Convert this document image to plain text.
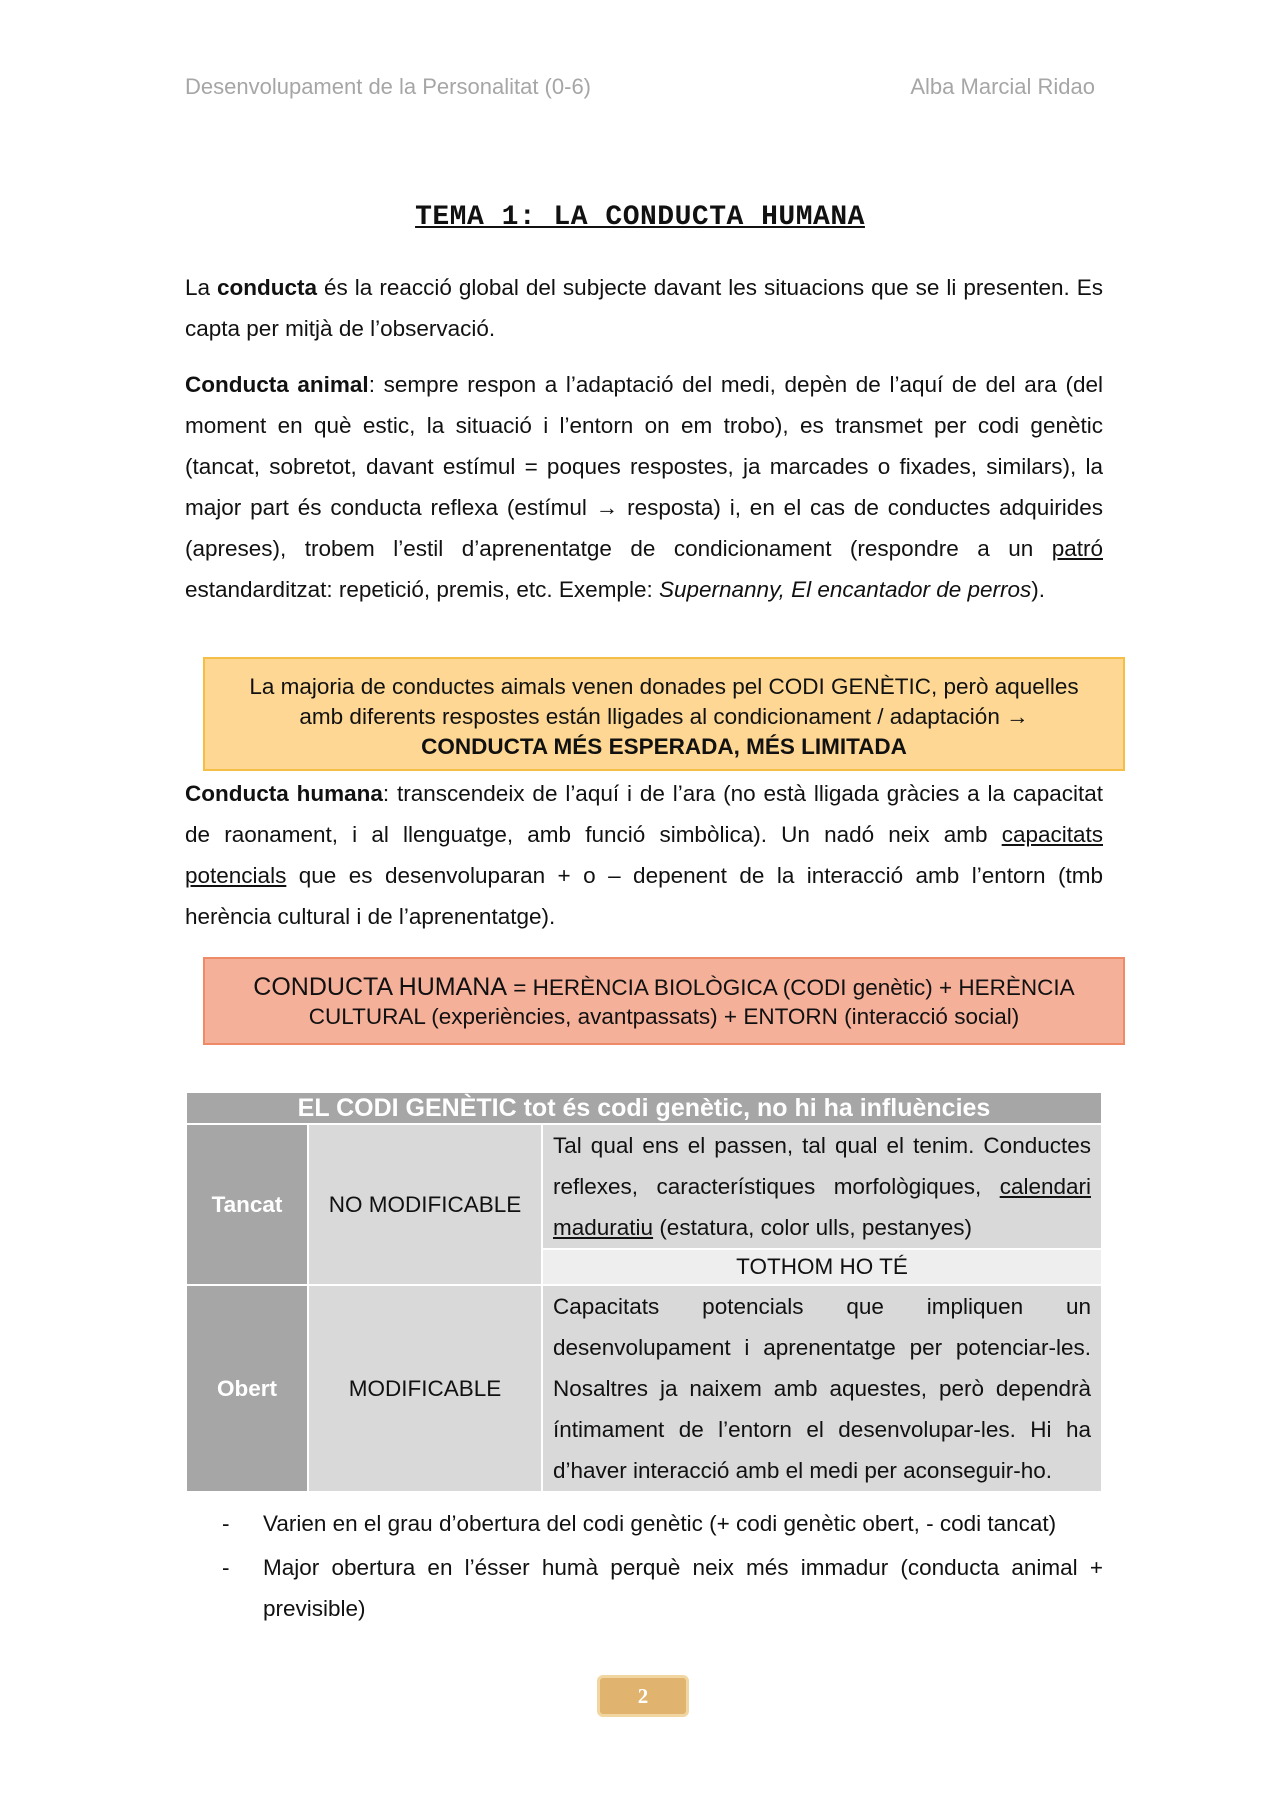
Desenvolupament de la Personalitat (0-6)	Alba Marcial Ridao
TEMA 1: LA CONDUCTA HUMANA
La conducta és la reacció global del subjecte davant les situacions que se li presenten. Es capta per mitjà de l’observació.
Conducta animal: sempre respon a l’adaptació del medi, depèn de l’aquí de del ara (del moment en què estic, la situació i l’entorn on em trobo), es transmet per codi genètic (tancat, sobretot, davant estímul = poques respostes, ja marcades o fixades, similars), la major part és conducta reflexa (estímul → resposta) i, en el cas de conductes adquirides (apreses), trobem l’estil d’aprenentatge de condicionament (respondre a un patró estandarditzat: repetició, premis, etc. Exemple: Supernanny, El encantador de perros).
La majoria de conductes aimals venen donades pel CODI GENÈTIC, però aquelles
amb diferents respostes están lligades al condicionament / adaptación →
CONDUCTA MÉS ESPERADA, MÉS LIMITADA
Conducta humana: transcendeix de l’aquí i de l’ara (no està lligada gràcies a la capacitat de raonament, i al llenguatge, amb funció simbòlica). Un nadó neix amb capacitats potencials que es desenvoluparan + o – depenent de la interacció amb l’entorn (tmb herència cultural i de l’aprenentatge).
CONDUCTA HUMANA = HERÈNCIA BIOLÒGICA (CODI genètic) + HERÈNCIA
CULTURAL (experiències, avantpassats) + ENTORN (interacció social)
EL CODI GENÈTIC tot és codi genètic, no hi ha influències		
Tancat	NO MODIFICABLE	Tal qual ens el passen, tal qual el tenim. Conductes reflexes, característiques morfològiques, calendari maduratiu (estatura, color ulls, pestanyes)
		TOTHOM HO TÉ
Obert	MODIFICABLE	Capacitats potencials que impliquen un desenvolupament i aprenentatge per potenciar-les. Nosaltres ja naixem amb aquestes, però dependrà íntimament de l’entorn el desenvolupar-les. Hi ha d’haver interacció amb el medi per aconseguir-ho.
- Varien en el grau d’obertura del codi genètic (+ codi genètic obert, - codi tancat)
- Major obertura en l’ésser humà perquè neix més immadur (conducta animal + previsible)
2
